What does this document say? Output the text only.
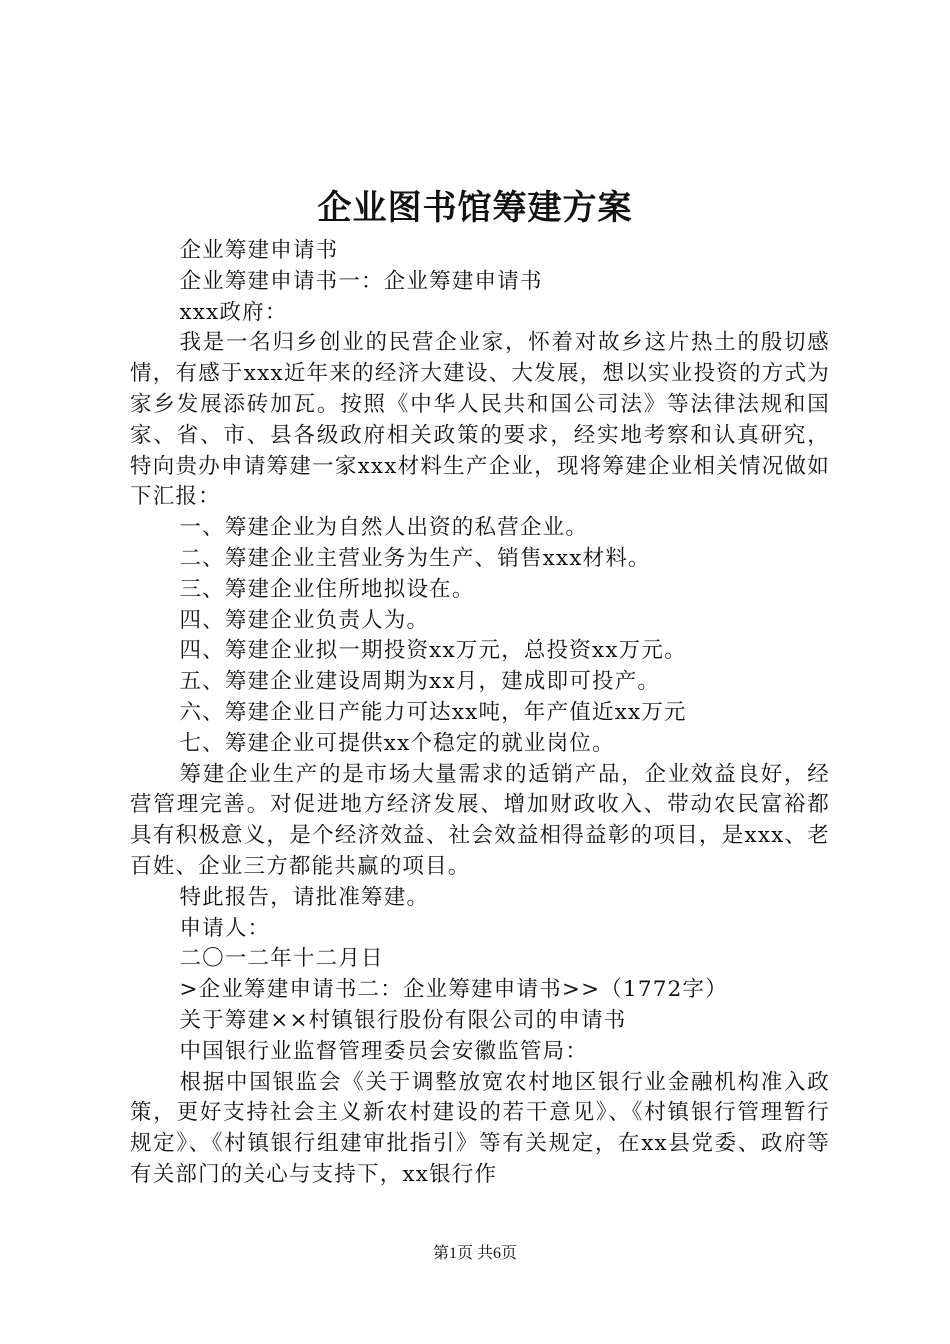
企业图书馆筹建方案

企业筹建申请书

企业筹建申请书一：企业筹建申请书

xxx政府：

我是一名归乡创业的民营企业家，怀着对故乡这片热土的殷切感情，有感于xxx近年来的经济大建设、大发展，想以实业投资的方式为家乡发展添砖加瓦。按照《中华人民共和国公司法》等法律法规和国家、省、市、县各级政府相关政策的要求，经实地考察和认真研究，特向贵办申请筹建一家xxx材料生产企业，现将筹建企业相关情况做如下汇报：

一、筹建企业为自然人出资的私营企业。

二、筹建企业主营业务为生产、销售xxx材料。

三、筹建企业住所地拟设在。

四、筹建企业负责人为。

四、筹建企业拟一期投资xx万元，总投资xx万元。

五、筹建企业建设周期为xx月，建成即可投产。

六、筹建企业日产能力可达xx吨，年产值近xx万元

七、筹建企业可提供xx个稳定的就业岗位。

筹建企业生产的是市场大量需求的适销产品，企业效益良好，经营管理完善。对促进地方经济发展、增加财政收入、带动农民富裕都具有积极意义，是个经济效益、社会效益相得益彰的项目，是xxx、老百姓、企业三方都能共赢的项目。

特此报告，请批准筹建。

申请人：

二〇一二年十二月日

>企业筹建申请书二：企业筹建申请书>>（1772字）

关于筹建××村镇银行股份有限公司的申请书

中国银行业监督管理委员会安徽监管局：

根据中国银监会《关于调整放宽农村地区银行业金融机构准入政策，更好支持社会主义新农村建设的若干意见》、《村镇银行管理暂行规定》、《村镇银行组建审批指引》等有关规定，在xx县党委、政府等有关部门的关心与支持下，xx银行作

第1页 共6页
